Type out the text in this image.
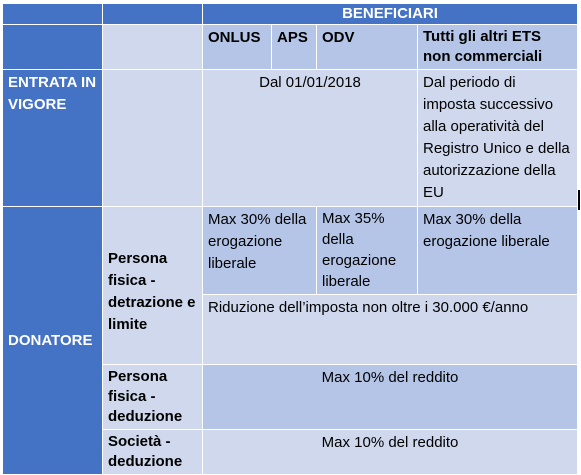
		BENEFICIARI			
		ONLUS	APS	ODV	Tutti gli altri ETS non commerciali
ENTRATA IN VIGORE		Dal 01/01/2018			Dal periodo di imposta successivo alla operatività del Registro Unico e della autorizzazione della EU
DONATORE	Persona fisica - detrazione e limite	Max 30% della erogazione liberale		Max 35% della erogazione liberale	Max 30% della erogazione liberale
		Riduzione dell’imposta non oltre i 30.000 €/anno			
	Persona fisica - deduzione	Max 10% del reddito			
	Società - deduzione	Max 10% del reddito			
